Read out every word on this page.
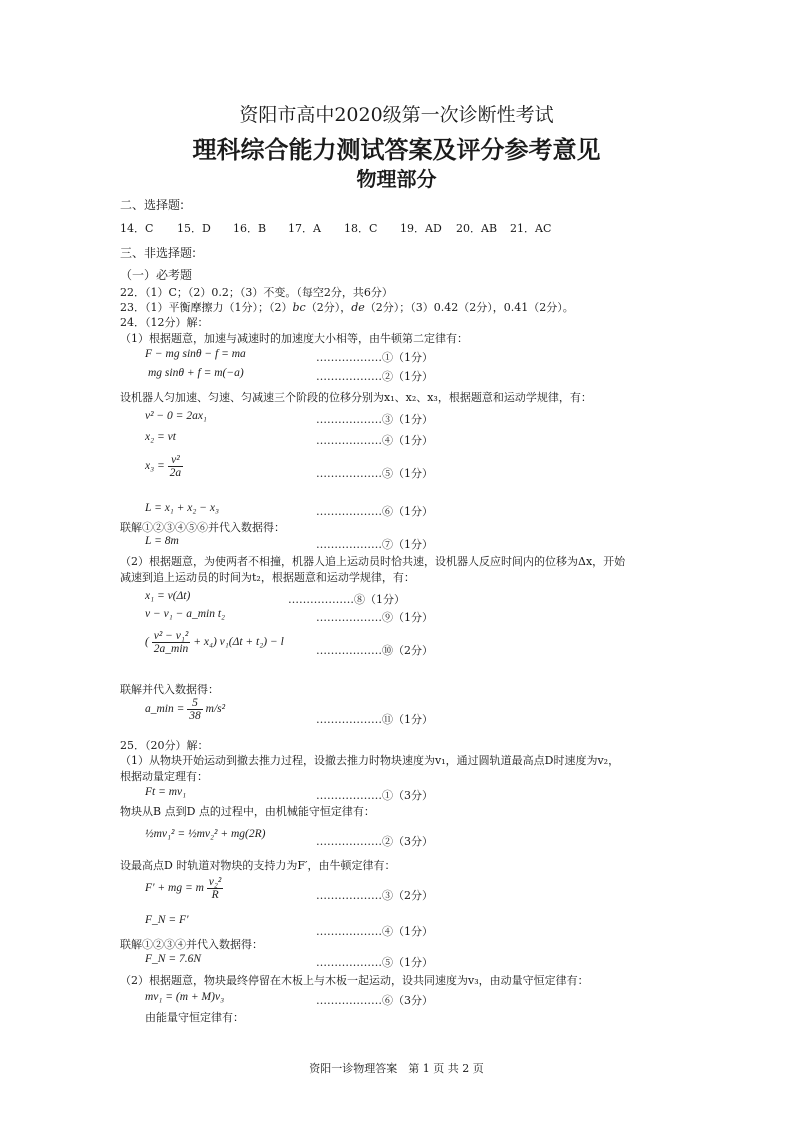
资阳市高中2020级第一次诊断性考试
理科综合能力测试答案及评分参考意见
物理部分
二、选择题:
14．C 15．D 16．B 17．A 18．C 19．AD 20．AB 21．AC
三、非选择题:
（一）必考题
22．（1）C；（2）0.2；（3）不变。（每空2分，共6分）
23．（1）平衡摩擦力（1分）；（2）bc（2分），de（2分）；（3）0.42（2分），0.41（2分）。
24．（12分）解：
（1）根据题意，加速与减速时的加速度大小相等，由牛顿第二定律有：
F − mg sinθ − f = ma	………………①（1分）
mg sinθ + f = m(−a)	………………②（1分）
设机器人匀加速、匀速、匀减速三个阶段的位移分别为x₁、x₂、x₃，根据题意和运动学规律，有：
v² − 0 = 2ax₁	………………③（1分）
x₂ = vt	………………④（1分）
$x_3 = \frac{\text{v²}}{2a}$	………………⑤（1分）
L = x₁ + x₂ − x₃	………………⑥（1分）
联解①②③④⑤⑥并代入数据得：
L = 8m	………………⑦（1分）
（2）根据题意，为使两者不相撞，机器人追上运动员时恰共速，设机器人反应时间内的位移为Δx，开始
减速到追上运动员的时间为t₂，根据题意和运动学规律，有：
x₁ = v(Δt)	………………⑧（1分）
v − v₁ − a_min t₂	………………⑨（1分）
( $\frac{\text{v² − v₁²}}{2a\_\min} + x_4$) v₁(Δt + t₂) − l
………………⑩（2分）
联解并代入数据得：
a_min = $\frac{5}{38} m/s^2$
………………⑪（1分）
25．（20分）解：
（1）从物块开始运动到撤去推力过程，设撤去推力时物块速度为v₁，通过圆轨道最高点D时速度为v₂，
根据动量定理有：
Ft = mv₁	………………①（3分）
物块从B 点到D 点的过程中，由机械能守恒定律有：
½mv₁² = ½mv₂² + mg(2R)
………………②（3分）
设最高点D 时轨道对物块的支持力为F′，由牛顿定律有：
F′ + mg = m $\frac{\text{v₂²}}{R}$	………………③（2分）
F_N = F′
………………④（1分）
联解①②③④并代入数据得：
F_N = 7.6N	………………⑤（1分）
（2）根据题意，物块最终停留在木板上与木板一起运动，设共同速度为v₃，由动量守恒定律有：
mv₁ = (m + M)v₃	………………⑥（3分）
由能量守恒定律有：
资阳一诊物理答案　第 1 页 共 2 页
